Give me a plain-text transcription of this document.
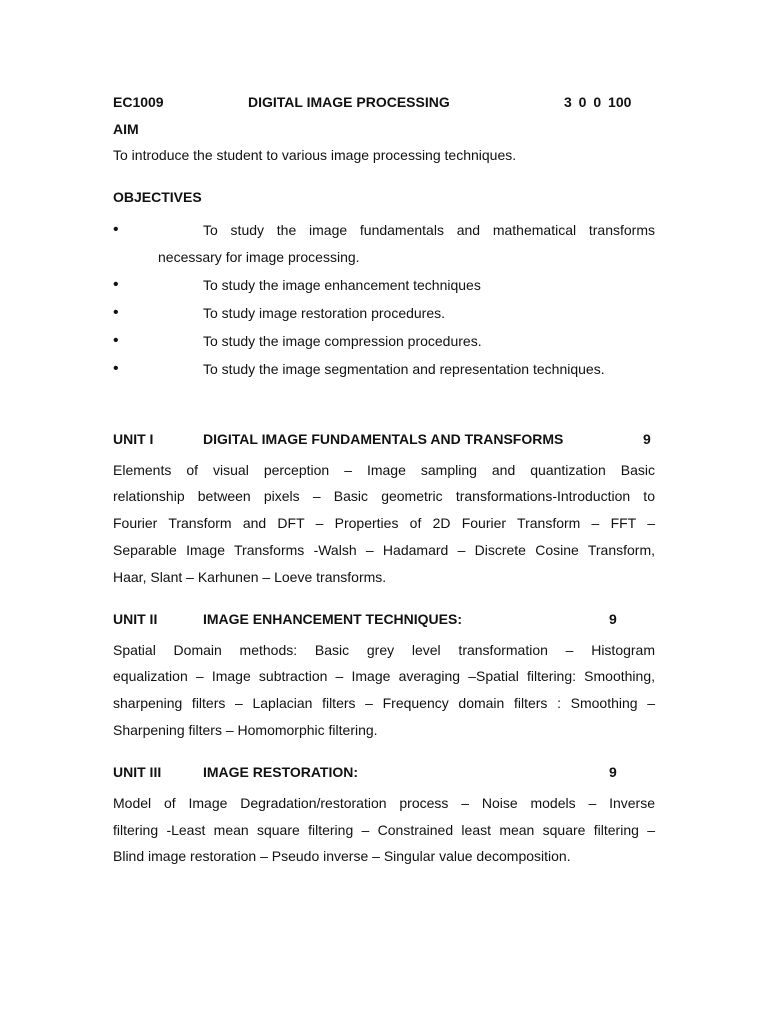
EC1009	DIGITAL IMAGE PROCESSING	3 0 0 100
AIM
To introduce the student to various image processing techniques.
OBJECTIVES
•	To study the image fundamentals and mathematical transforms
necessary for image processing.
•	To study the image enhancement techniques
•	To study image restoration procedures.
•	To study the image compression procedures.
•	To study the image segmentation and representation techniques.
UNIT I	DIGITAL IMAGE FUNDAMENTALS AND TRANSFORMS	9
Elements of visual perception – Image sampling and quantization Basic
relationship between pixels – Basic geometric transformations-Introduction to
Fourier Transform and DFT – Properties of 2D Fourier Transform – FFT –
Separable Image Transforms -Walsh – Hadamard – Discrete Cosine Transform,
Haar, Slant – Karhunen – Loeve transforms.
UNIT II	IMAGE ENHANCEMENT TECHNIQUES:	9
Spatial Domain methods: Basic grey level transformation – Histogram
equalization – Image subtraction – Image averaging –Spatial filtering: Smoothing,
sharpening filters – Laplacian filters – Frequency domain filters : Smoothing –
Sharpening filters – Homomorphic filtering.
UNIT III	IMAGE RESTORATION:	9
Model of Image Degradation/restoration process – Noise models – Inverse
filtering -Least mean square filtering – Constrained least mean square filtering –
Blind image restoration – Pseudo inverse – Singular value decomposition.
